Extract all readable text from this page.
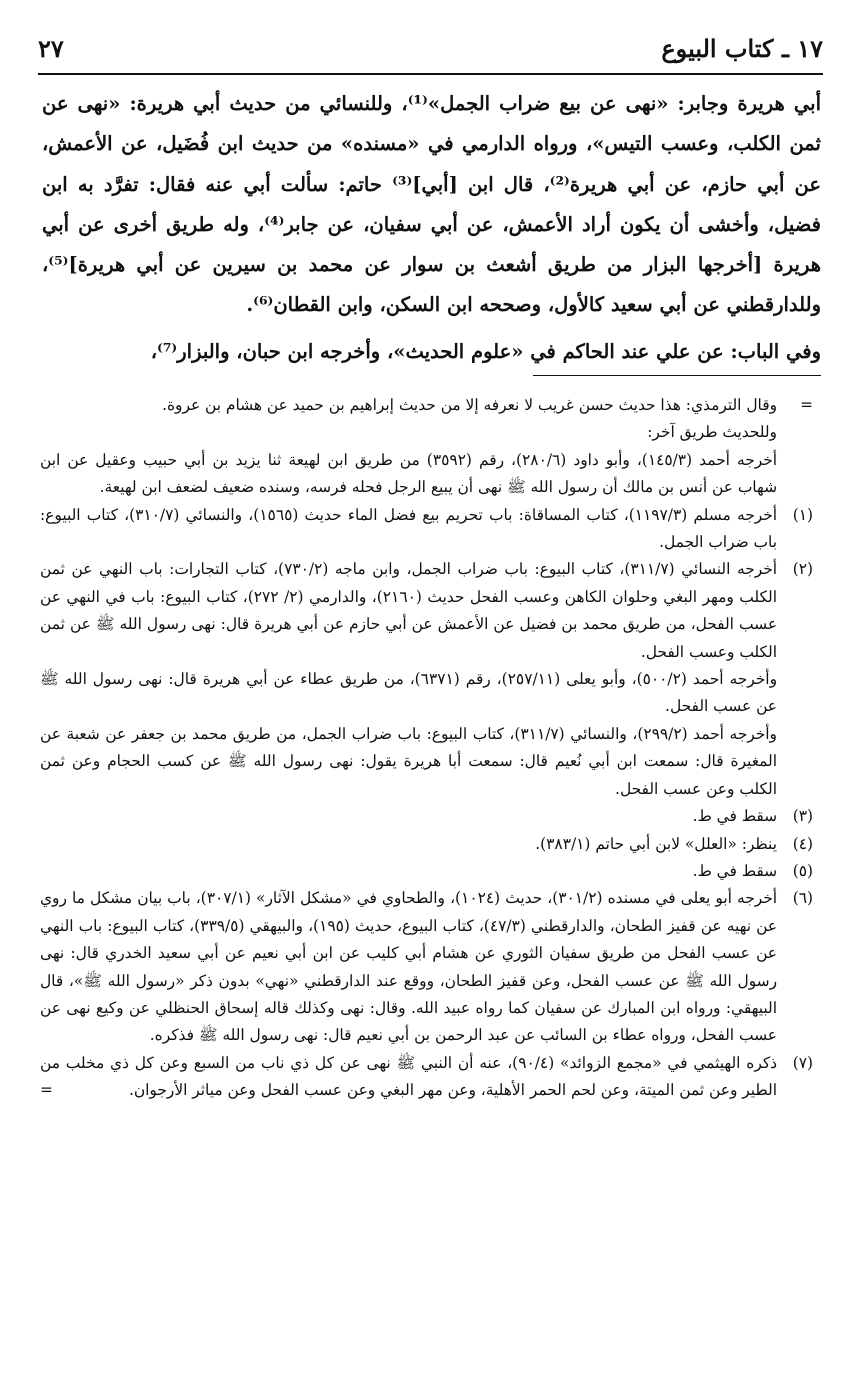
١٧ ـ كتاب البيوع
٢٧

أبي هريرة وجابر: «نهى عن بيع ضراب الجمل»⁽¹⁾، وللنسائي من حديث أبي هريرة: «نهى عن ثمن الكلب، وعسب التيس»، ورواه الدارمي في «مسنده» من حديث ابن فُضَيل، عن الأعمش، عن أبي حازم، عن أبي هريرة⁽²⁾، قال ابن [أبي]⁽³⁾ حاتم: سألت أبي عنه فقال: تفرَّد به ابن فضيل، وأخشى أن يكون أراد الأعمش، عن أبي سفيان، عن جابر⁽⁴⁾، وله طريق أخرى عن أبي هريرة [أخرجها البزار من طريق أشعث بن سوار عن محمد بن سيرين عن أبي هريرة]⁽⁵⁾، وللدارقطني عن أبي سعيد كالأول، وصححه ابن السكن، وابن القطان⁽⁶⁾.

وفي الباب: عن علي عند الحاكم في «علوم الحديث»، وأخرجه ابن حبان، والبزار⁽⁷⁾،

=
وقال الترمذي: هذا حديث حسن غريب لا نعرفه إلا من حديث إبراهيم بن حميد عن هشام بن عروة.
وللحديث طريق آخر:
أخرجه أحمد (١٤٥/٣)، وأبو داود (٢٨٠/٦)، رقم (٣٥٩٢) من طريق ابن لهيعة ثنا يزيد بن أبي حبيب وعقيل عن ابن شهاب عن أنس بن مالك أن رسول الله ﷺ نهى أن يبيع الرجل فحله فرسه، وسنده ضعيف لضعف ابن لهيعة.
(١)
أخرجه مسلم (١١٩٧/٣)، كتاب المساقاة: باب تحريم بيع فضل الماء حديث (١٥٦٥)، والنسائي (٣١٠/٧)، كتاب البيوع: باب ضراب الجمل.
(٢)
أخرجه النسائي (٣١١/٧)، كتاب البيوع: باب ضراب الجمل، وابن ماجه (٧٣٠/٢)، كتاب التجارات: باب النهي عن ثمن الكلب ومهر البغي وحلوان الكاهن وعسب الفحل حديث (٢١٦٠)، والدارمي (٢/ ٢٧٢)، كتاب البيوع: باب في النهي عن عسب الفحل، من طريق محمد بن فضيل عن الأعمش عن أبي حازم عن أبي هريرة قال: نهى رسول الله ﷺ عن ثمن الكلب وعسب الفحل.
وأخرجه أحمد (٥٠٠/٢)، وأبو يعلى (٢٥٧/١١)، رقم (٦٣٧١)، من طريق عطاء عن أبي هريرة قال: نهى رسول الله ﷺ عن عسب الفحل.
وأخرجه أحمد (٢٩٩/٢)، والنسائي (٣١١/٧)، كتاب البيوع: باب ضراب الجمل، من طريق محمد بن جعفر عن شعبة عن المغيرة قال: سمعت ابن أبي نُعيم قال: سمعت أبا هريرة يقول: نهى رسول الله ﷺ عن كسب الحجام وعن ثمن الكلب وعن عسب الفحل.
(٣)
سقط في ط.
(٤)
ينظر: «العلل» لابن أبي حاتم (٣٨٣/١).
(٥)
سقط في ط.
(٦)
أخرجه أبو يعلى في مسنده (٣٠١/٢)، حديث (١٠٢٤)، والطحاوي في «مشكل الآثار» (٣٠٧/١)، باب بيان مشكل ما روي عن نهيه عن قفيز الطحان، والدارقطني (٤٧/٣)، كتاب البيوع، حديث (١٩٥)، والبيهقي (٣٣٩/٥)، كتاب البيوع: باب النهي عن عسب الفحل من طريق سفيان الثوري عن هشام أبي كليب عن ابن أبي نعيم عن أبي سعيد الخدري قال: نهى رسول الله ﷺ عن عسب الفحل، وعن قفيز الطحان، ووقع عند الدارقطني «نهي» بدون ذكر «رسول الله ﷺ»، قال البيهقي: ورواه ابن المبارك عن سفيان كما رواه عبيد الله. وقال: نهى وكذلك قاله إسحاق الحنظلي عن وكيع نهى عن عسب الفحل، ورواه عطاء بن السائب عن عبد الرحمن بن أبي نعيم قال: نهى رسول الله ﷺ فذكره.
(٧)
ذكره الهيثمي في «مجمع الزوائد» (٩٠/٤)، عنه أن النبي ﷺ نهى عن كل ذي ناب من السبع وعن كل ذي مخلب من الطير وعن ثمن الميتة، وعن لحم الحمر الأهلية، وعن مهر البغي وعن عسب الفحل وعن مياثر الأرجوان.
=
